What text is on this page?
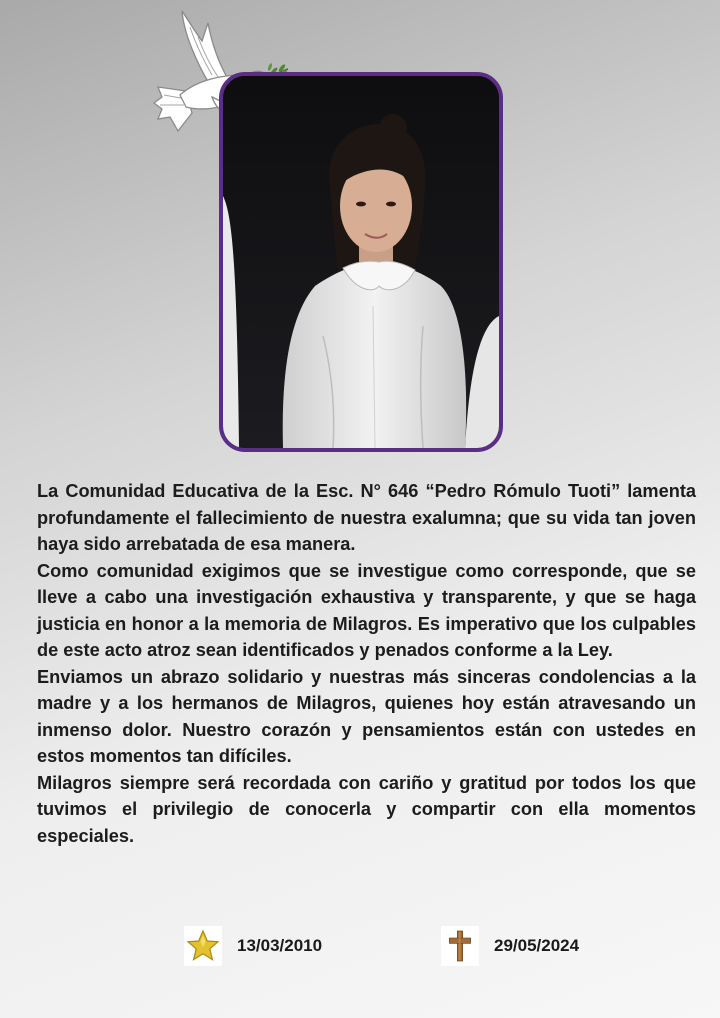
La Comunidad Educativa de la Esc. N° 646 “Pedro Rómulo Tuoti” lamenta profundamente el fallecimiento de nuestra exalumna; que su vida tan joven haya sido arrebatada de esa manera.

Como comunidad exigimos que se investigue como corresponde, que se lleve a cabo una investigación exhaustiva y transparente, y que se haga justicia en honor a la memoria de Milagros. Es imperativo que los culpables de este acto atroz sean identificados y penados conforme a la Ley.

Enviamos un abrazo solidario y nuestras más sinceras condolencias a la madre y a los hermanos de Milagros, quienes hoy están atravesando un inmenso dolor. Nuestro corazón y pensamientos están con ustedes en estos momentos tan difíciles.

Milagros siempre será recordada con cariño y gratitud por todos los que tuvimos el privilegio de conocerla y compartir con ella momentos especiales.

13/03/2010	29/05/2024
